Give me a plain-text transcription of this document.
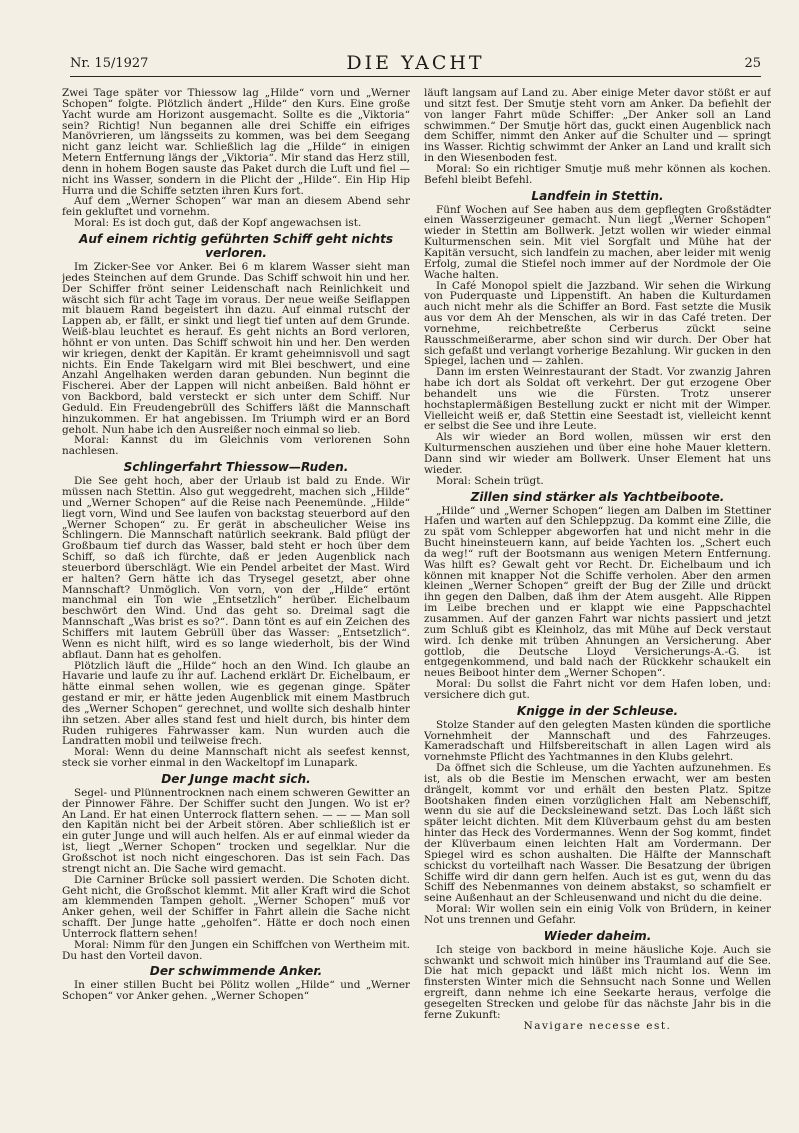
Nr. 15/1927	DIE YACHT	25

Zwei Tage später vor Thiessow lag „Hilde“ vorn und „Werner Schopen“ folgte. Plötzlich ändert „Hilde“ den Kurs. Eine große Yacht wurde am Horizont ausgemacht. Sollte es die „Viktoria“ sein? Richtig! Nun begannen alle drei Schiffe ein eifriges Manövrieren, um längsseits zu kommen, was bei dem Seegang nicht ganz leicht war. Schließlich lag die „Hilde“ in einigen Metern Entfernung längs der „Viktoria“. Mir stand das Herz still, denn in hohem Bogen sauste das Paket durch die Luft und fiel — nicht ins Wasser, sondern in die Plicht der „Hilde“. Ein Hip Hip Hurra und die Schiffe setzten ihren Kurs fort.

Auf dem „Werner Schopen“ war man an diesem Abend sehr fein gekluftet und vornehm.

Moral: Es ist doch gut, daß der Kopf angewachsen ist.

Auf einem richtig geführten Schiff geht nichts verloren.

Im Zicker-See vor Anker. Bei 6 m klarem Wasser sieht man jedes Steinchen auf dem Grunde. Das Schiff schwoit hin und her. Der Schiffer frönt seiner Leidenschaft nach Reinlichkeit und wäscht sich für acht Tage im voraus. Der neue weiße Seiflappen mit blauem Rand begeistert ihn dazu. Auf einmal rutscht der Lappen ab, er fällt, er sinkt und liegt tief unten auf dem Grunde. Weiß-blau leuchtet es herauf. Es geht nichts an Bord verloren, höhnt er von unten. Das Schiff schwoit hin und her. Den werden wir kriegen, denkt der Kapitän. Er kramt geheimnisvoll und sagt nichts. Ein Ende Takelgarn wird mit Blei beschwert, und eine Anzahl Angelhaken werden daran gebunden. Nun beginnt die Fischerei. Aber der Lappen will nicht anbeißen. Bald höhnt er von Backbord, bald versteckt er sich unter dem Schiff. Nur Geduld. Ein Freudengebrüll des Schiffers läßt die Mannschaft hinzukommen. Er hat angebissen. Im Triumph wird er an Bord geholt. Nun habe ich den Ausreißer noch einmal so lieb.

Moral: Kannst du im Gleichnis vom verlorenen Sohn nachlesen.

Schlingerfahrt Thiessow—Ruden.

Die See geht hoch, aber der Urlaub ist bald zu Ende. Wir müssen nach Stettin. Also gut weggedreht, machen sich „Hilde“ und „Werner Schopen“ auf die Reise nach Peenemünde. „Hilde“ liegt vorn, Wind und See laufen von backstag steuerbord auf den „Werner Schopen“ zu. Er gerät in abscheulicher Weise ins Schlingern. Die Mannschaft natürlich seekrank. Bald pflügt der Großbaum tief durch das Wasser, bald steht er hoch über dem Schiff, so daß ich fürchte, daß er jeden Augenblick nach steuerbord überschlägt. Wie ein Pendel arbeitet der Mast. Wird er halten? Gern hätte ich das Trysegel gesetzt, aber ohne Mannschaft? Unmöglich. Von vorn, von der „Hilde“ ertönt manchmal ein Ton wie „Entsetzlich“ herüber. Eichelbaum beschwört den Wind. Und das geht so. Dreimal sagt die Mannschaft „Was brist es so?“. Dann tönt es auf ein Zeichen des Schiffers mit lautem Gebrüll über das Wasser: „Entsetzlich“. Wenn es nicht hilft, wird es so lange wiederholt, bis der Wind abflaut. Dann hat es geholfen.

Plötzlich läuft die „Hilde“ hoch an den Wind. Ich glaube an Havarie und laufe zu ihr auf. Lachend erklärt Dr. Eichelbaum, er hätte einmal sehen wollen, wie es gegenan ginge. Später gestand er mir, er hätte jeden Augenblick mit einem Mastbruch des „Werner Schopen“ gerechnet, und wollte sich deshalb hinter ihn setzen. Aber alles stand fest und hielt durch, bis hinter dem Ruden ruhigeres Fahrwasser kam. Nun wurden auch die Landratten mobil und teilweise frech.

Moral: Wenn du deine Mannschaft nicht als seefest kennst, steck sie vorher einmal in den Wackeltopf im Lunapark.

Der Junge macht sich.

Segel- und Plünnentrocknen nach einem schweren Gewitter an der Pinnower Fähre. Der Schiffer sucht den Jungen. Wo ist er? An Land. Er hat einen Unterrock flattern sehen. — — — Man soll den Kapitän nicht bei der Arbeit stören. Aber schließlich ist er ein guter Junge und will auch helfen. Als er auf einmal wieder da ist, liegt „Werner Schopen“ trocken und segelklar. Nur die Großschot ist noch nicht eingeschoren. Das ist sein Fach. Das strengt nicht an. Die Sache wird gemacht.

Die Carniner Brücke soll passiert werden. Die Schoten dicht. Geht nicht, die Großschot klemmt. Mit aller Kraft wird die Schot am klemmenden Tampen geholt. „Werner Schopen“ muß vor Anker gehen, weil der Schiffer in Fahrt allein die Sache nicht schafft. Der Junge hatte „geholfen“. Hätte er doch noch einen Unterrock flattern sehen!

Moral: Nimm für den Jungen ein Schiffchen von Wertheim mit. Du hast den Vorteil davon.

Der schwimmende Anker.

In einer stillen Bucht bei Pölitz wollen „Hilde“ und „Werner Schopen“ vor Anker gehen. „Werner Schopen“

läuft langsam auf Land zu. Aber einige Meter davor stößt er auf und sitzt fest. Der Smutje steht vorn am Anker. Da befiehlt der von langer Fahrt müde Schiffer: „Der Anker soll an Land schwimmen.“ Der Smutje hört das, guckt einen Augenblick nach dem Schiffer, nimmt den Anker auf die Schulter und — springt ins Wasser. Richtig schwimmt der Anker an Land und krallt sich in den Wiesenboden fest.

Moral: So ein richtiger Smutje muß mehr können als kochen. Befehl bleibt Befehl.

Landfein in Stettin.

Fünf Wochen auf See haben aus dem gepflegten Großstädter einen Wasserzigeuner gemacht. Nun liegt „Werner Schopen“ wieder in Stettin am Bollwerk. Jetzt wollen wir wieder einmal Kulturmenschen sein. Mit viel Sorgfalt und Mühe hat der Kapitän versucht, sich landfein zu machen, aber leider mit wenig Erfolg, zumal die Stiefel noch immer auf der Nordmole der Oie Wache halten.

In Café Monopol spielt die Jazzband. Wir sehen die Wirkung von Puderquaste und Lippenstift. An haben die Kulturdamen auch nicht mehr als die Schiffer an Bord. Fast setzte die Musik aus vor dem Ah der Menschen, als wir in das Café treten. Der vornehme, reichbetreßte Cerberus zückt seine Rausschmeißerarme, aber schon sind wir durch. Der Ober hat sich gefaßt und verlangt vorherige Bezahlung. Wir gucken in den Spiegel, lachen und — zahlen.

Dann im ersten Weinrestaurant der Stadt. Vor zwanzig Jahren habe ich dort als Soldat oft verkehrt. Der gut erzogene Ober behandelt uns wie die Fürsten. Trotz unserer hochstaplermäßigen Bestellung zuckt er nicht mit der Wimper. Vielleicht weiß er, daß Stettin eine Seestadt ist, vielleicht kennt er selbst die See und ihre Leute.

Als wir wieder an Bord wollen, müssen wir erst den Kulturmenschen ausziehen und über eine hohe Mauer klettern. Dann sind wir wieder am Bollwerk. Unser Element hat uns wieder.

Moral: Schein trügt.

Zillen sind stärker als Yachtbeiboote.

„Hilde“ und „Werner Schopen“ liegen am Dalben im Stettiner Hafen und warten auf den Schleppzug. Da kommt eine Zille, die zu spät vom Schlepper abgeworfen hat und nicht mehr in die Bucht hineinsteuern kann, auf beide Yachten los. „Schert euch da weg!“ ruft der Bootsmann aus wenigen Metern Entfernung. Was hilft es? Gewalt geht vor Recht. Dr. Eichelbaum und ich können mit knapper Not die Schiffe verholen. Aber den armen kleinen „Werner Schopen“ greift der Bug der Zille und drückt ihn gegen den Dalben, daß ihm der Atem ausgeht. Alle Rippen im Leibe brechen und er klappt wie eine Pappschachtel zusammen. Auf der ganzen Fahrt war nichts passiert und jetzt zum Schluß gibt es Kleinholz, das mit Mühe auf Deck verstaut wird. Ich denke mit trüben Ahnungen an Versicherung. Aber gottlob, die Deutsche Lloyd Versicherungs-A.-G. ist entgegenkommend, und bald nach der Rückkehr schaukelt ein neues Beiboot hinter dem „Werner Schopen“.

Moral: Du sollst die Fahrt nicht vor dem Hafen loben, und: versichere dich gut.

Knigge in der Schleuse.

Stolze Stander auf den gelegten Masten künden die sportliche Vornehmheit der Mannschaft und des Fahrzeuges. Kameradschaft und Hilfsbereitschaft in allen Lagen wird als vornehmste Pflicht des Yachtmannes in den Klubs gelehrt.

Da öffnet sich die Schleuse, um die Yachten aufzunehmen. Es ist, als ob die Bestie im Menschen erwacht, wer am besten drängelt, kommt vor und erhält den besten Platz. Spitze Bootshaken finden einen vorzüglichen Halt am Nebenschiff, wenn du sie auf die Decksleinewand setzt. Das Loch läßt sich später leicht dichten. Mit dem Klüverbaum gehst du am besten hinter das Heck des Vordermannes. Wenn der Sog kommt, findet der Klüverbaum einen leichten Halt am Vordermann. Der Spiegel wird es schon aushalten. Die Hälfte der Mannschaft schickst du vorteilhaft nach Wasser. Die Besatzung der übrigen Schiffe wird dir dann gern helfen. Auch ist es gut, wenn du das Schiff des Nebenmannes von deinem abstakst, so schamfielt er seine Außenhaut an der Schleusenwand und nicht du die deine.

Moral: Wir wollen sein ein einig Volk von Brüdern, in keiner Not uns trennen und Gefahr.

Wieder daheim.

Ich steige von backbord in meine häusliche Koje. Auch sie schwankt und schwoit mich hinüber ins Traumland auf die See. Die hat mich gepackt und läßt mich nicht los. Wenn im finstersten Winter mich die Sehnsucht nach Sonne und Wellen ergreift, dann nehme ich eine Seekarte heraus, verfolge die gesegelten Strecken und gelobe für das nächste Jahr bis in die ferne Zukunft:

Navigare necesse est.
